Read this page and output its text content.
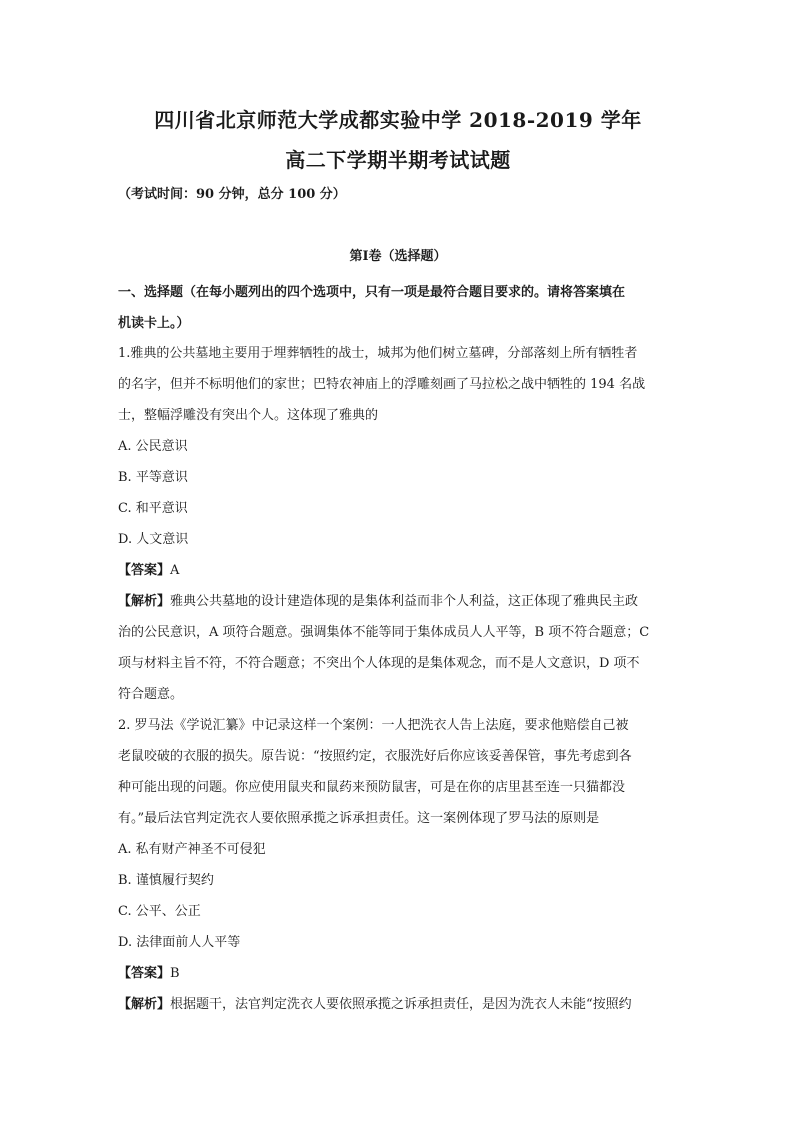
四川省北京师范大学成都实验中学 2018-2019 学年
高二下学期半期考试试题
（考试时间：90 分钟，总分 100 分）
第Ⅰ卷（选择题）
一、选择题（在每小题列出的四个选项中，只有一项是最符合题目要求的。请将答案填在
机读卡上。）
1.雅典的公共墓地主要用于埋葬牺牲的战士，城邦为他们树立墓碑，分部落刻上所有牺牲者
的名字，但并不标明他们的家世；巴特农神庙上的浮雕刻画了马拉松之战中牺牲的 194 名战
士，整幅浮雕没有突出个人。这体现了雅典的
A. 公民意识
B. 平等意识
C. 和平意识
D. 人文意识
【答案】A
【解析】雅典公共墓地的设计建造体现的是集体利益而非个人利益，这正体现了雅典民主政
治的公民意识，A 项符合题意。强调集体不能等同于集体成员人人平等，B 项不符合题意；C
项与材料主旨不符，不符合题意；不突出个人体现的是集体观念，而不是人文意识，D 项不
符合题意。
2. 罗马法《学说汇纂》中记录这样一个案例：一人把洗衣人告上法庭，要求他赔偿自己被
老鼠咬破的衣服的损失。原告说：“按照约定，衣服洗好后你应该妥善保管，事先考虑到各
种可能出现的问题。你应使用鼠夹和鼠药来预防鼠害，可是在你的店里甚至连一只猫都没
有。”最后法官判定洗衣人要依照承揽之诉承担责任。这一案例体现了罗马法的原则是
A. 私有财产神圣不可侵犯
B. 谨慎履行契约
C. 公平、公正
D. 法律面前人人平等
【答案】B
【解析】根据题干，法官判定洗衣人要依照承揽之诉承担责任，是因为洗衣人未能“按照约
